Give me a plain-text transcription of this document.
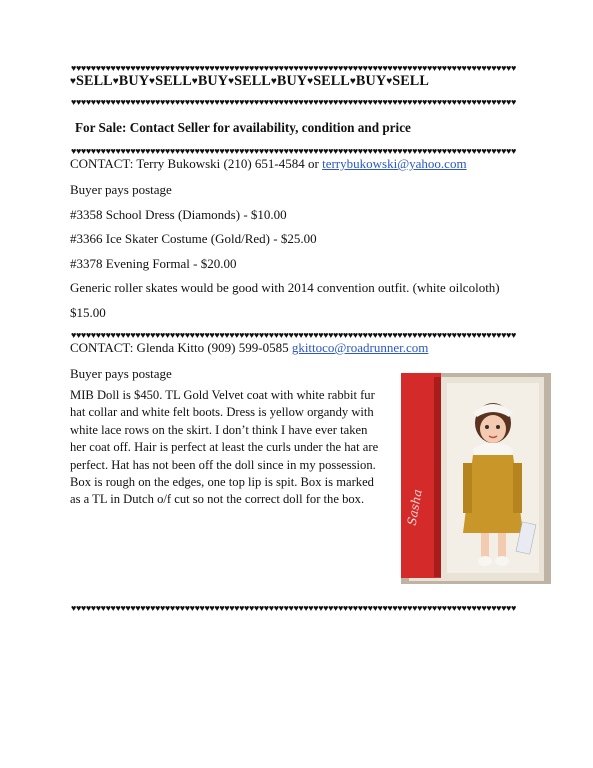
♥♥♥♥♥♥♥♥♥♥♥♥♥♥♥♥♥♥♥♥♥♥♥♥♥♥♥♥♥♥♥♥♥♥♥♥♥♥♥♥♥♥♥♥♥♥♥♥♥♥♥♥♥♥♥♥♥♥♥♥♥♥♥♥♥♥♥♥♥♥♥♥♥♥♥♥♥♥♥♥♥♥♥♥♥♥♥♥♥♥
♥SELL♥BUY♥SELL♥BUY♥SELL♥BUY♥SELL♥BUY♥SELL
♥♥♥♥♥♥♥♥♥♥♥♥♥♥♥♥♥♥♥♥♥♥♥♥♥♥♥♥♥♥♥♥♥♥♥♥♥♥♥♥♥♥♥♥♥♥♥♥♥♥♥♥♥♥♥♥♥♥♥♥♥♥♥♥♥♥♥♥♥♥♥♥♥♥♥♥♥♥♥♥♥♥♥♥♥♥♥♥♥♥
For Sale: Contact Seller for availability, condition and price
♥♥♥♥♥♥♥♥♥♥♥♥♥♥♥♥♥♥♥♥♥♥♥♥♥♥♥♥♥♥♥♥♥♥♥♥♥♥♥♥♥♥♥♥♥♥♥♥♥♥♥♥♥♥♥♥♥♥♥♥♥♥♥♥♥♥♥♥♥♥♥♥♥♥♥♥♥♥♥♥♥♥♥♥♥♥♥♥♥♥
CONTACT: Terry Bukowski (210) 651-4584 or terrybukowski@yahoo.com
Buyer pays postage
#3358 School Dress (Diamonds) - $10.00
#3366 Ice Skater Costume (Gold/Red) - $25.00
#3378 Evening Formal - $20.00
Generic roller skates would be good with 2014 convention outfit. (white oilcoloth)
$15.00
♥♥♥♥♥♥♥♥♥♥♥♥♥♥♥♥♥♥♥♥♥♥♥♥♥♥♥♥♥♥♥♥♥♥♥♥♥♥♥♥♥♥♥♥♥♥♥♥♥♥♥♥♥♥♥♥♥♥♥♥♥♥♥♥♥♥♥♥♥♥♥♥♥♥♥♥♥♥♥♥♥♥♥♥♥♥♥♥♥♥
CONTACT: Glenda Kitto (909) 599-0585 gkittoco@roadrunner.com
Buyer pays postage
MIB Doll is $450. TL Gold Velvet coat with white rabbit fur hat collar and white felt boots. Dress is yellow organdy with white lace rows on the skirt. I don’t think I have ever taken her coat off. Hair is perfect at least the curls under the hat are perfect. Hat has not been off the doll since in my possession. Box is rough on the edges, one top lip is spit. Box is marked as a TL in Dutch o/f cut so not the correct doll for the box.	Sasha
♥♥♥♥♥♥♥♥♥♥♥♥♥♥♥♥♥♥♥♥♥♥♥♥♥♥♥♥♥♥♥♥♥♥♥♥♥♥♥♥♥♥♥♥♥♥♥♥♥♥♥♥♥♥♥♥♥♥♥♥♥♥♥♥♥♥♥♥♥♥♥♥♥♥♥♥♥♥♥♥♥♥♥♥♥♥♥♥♥♥
